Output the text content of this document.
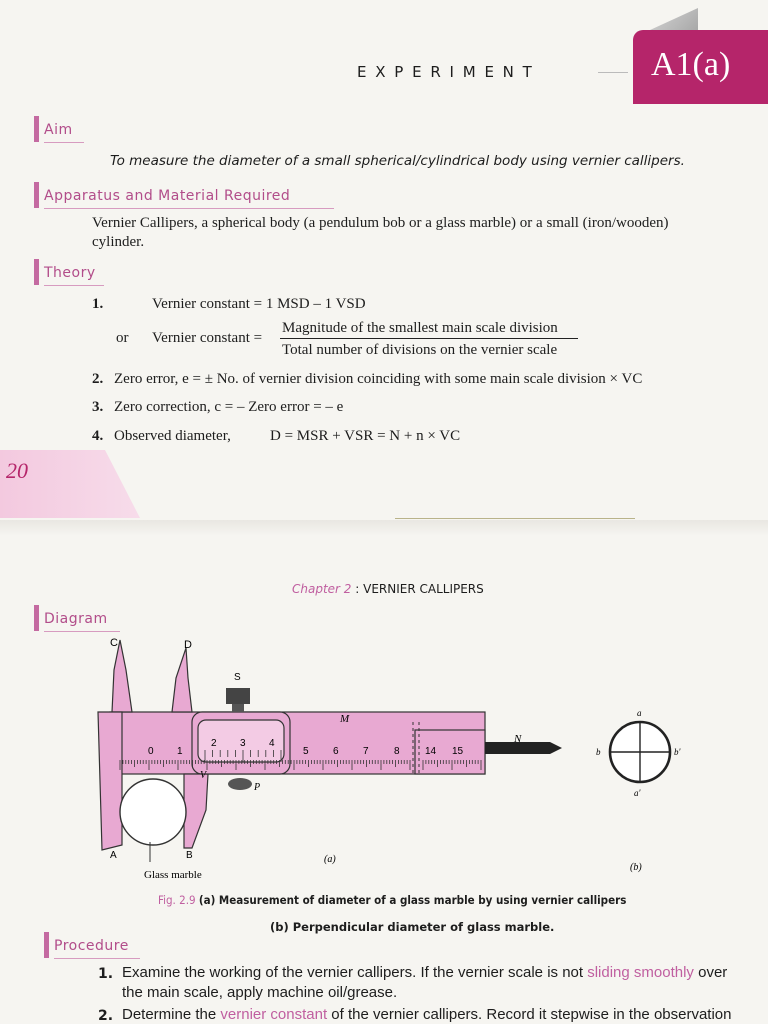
E X P E R I M E N T	A1(a)
Aim
To measure the diameter of a small spherical/cylindrical body using vernier callipers.
Apparatus and Material Required
Vernier Callipers, a spherical body (a pendulum bob or a glass marble) or a small (iron/wooden)
cylinder.
Theory
1.	Vernier constant = 1 MSD – 1 VSD
or Vernier constant =
Magnitude of the smallest main scale division
Total number of divisions on the vernier scale
2. Zero error, e = ± No. of vernier division coinciding with some main scale division × VC
3. Zero correction, c = – Zero error = – e
4. Observed diameter,	D = MSR + VSR = N + n × VC
20
Chapter 2 : VERNIER CALLIPERS
Diagram
0 1
2 3 4
5 6 7	8	14 15
C	D
S
M
N
V
P
A	B
Glass marble
(a)
(b)
a
a'
b	b'
Fig. 2.9 (a) Measurement of diameter of a glass marble by using vernier callipers
(b) Perpendicular diameter of glass marble.
Procedure
1. Examine the working of the vernier callipers. If the vernier scale is not sliding smoothly over
the main scale, apply machine oil/grease.
2. Determine the vernier constant of the vernier callipers. Record it stepwise in the observation
